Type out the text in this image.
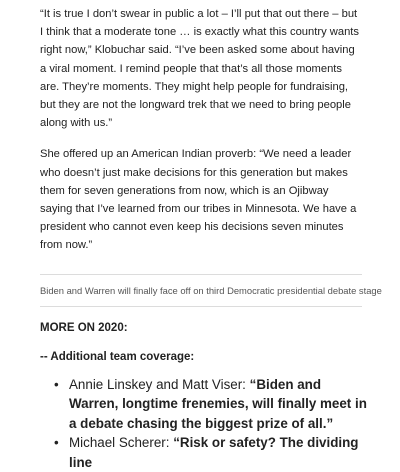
“It is true I don’t swear in public a lot – I’ll put that out there – but I think that a moderate tone … is exactly what this country wants right now,” Klobuchar said. “I’ve been asked some about having a viral moment. I remind people that that’s all those moments are. They’re moments. They might help people for fundraising, but they are not the longward trek that we need to bring people along with us.”

She offered up an American Indian proverb: “We need a leader who doesn’t just make decisions for this generation but makes them for seven generations from now, which is an Ojibway saying that I’ve learned from our tribes in Minnesota. We have a president who cannot even keep his decisions seven minutes from now.”

Biden and Warren will finally face off on third Democratic presidential debate stage
MORE ON 2020:
-- Additional team coverage:
• Annie Linskey and Matt Viser: “Biden and Warren, longtime frenemies, will finally meet in a debate chasing the biggest prize of all.”
• Michael Scherer: “Risk or safety? The dividing line
